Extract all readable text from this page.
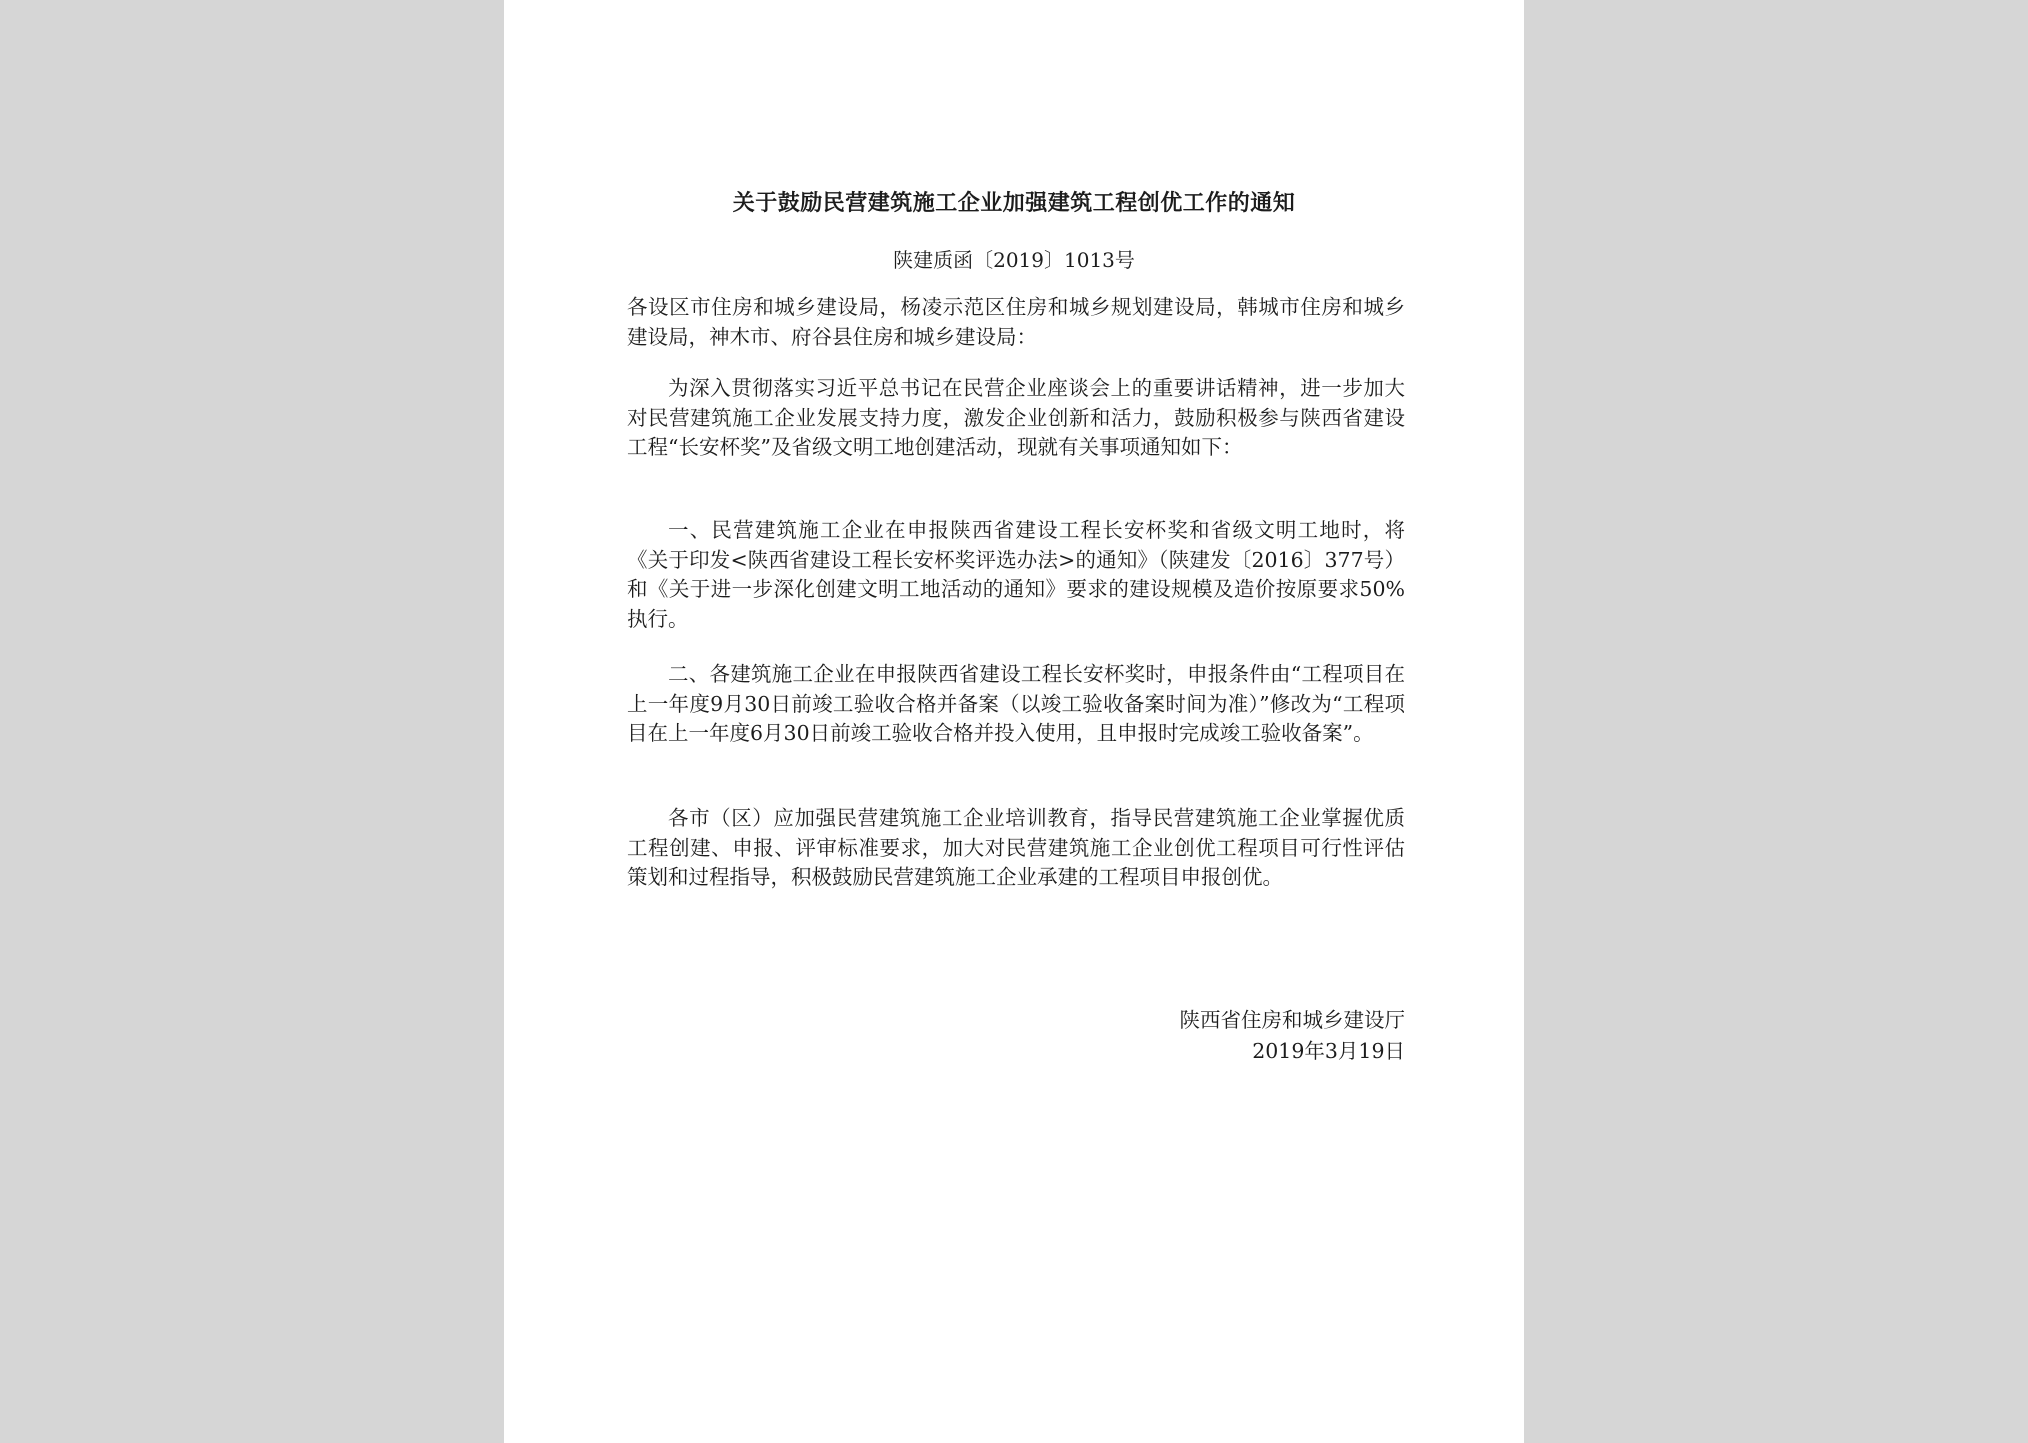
关于鼓励民营建筑施工企业加强建筑工程创优工作的通知

陕建质函〔2019〕1013号

各设区市住房和城乡建设局，杨凌示范区住房和城乡规划建设局，韩城市住房和城乡建设局，神木市、府谷县住房和城乡建设局：

为深入贯彻落实习近平总书记在民营企业座谈会上的重要讲话精神，进一步加大对民营建筑施工企业发展支持力度，激发企业创新和活力，鼓励积极参与陕西省建设工程“长安杯奖”及省级文明工地创建活动，现就有关事项通知如下：

一、民营建筑施工企业在申报陕西省建设工程长安杯奖和省级文明工地时，将《关于印发<陕西省建设工程长安杯奖评选办法>的通知》（陕建发〔2016〕377号）和《关于进一步深化创建文明工地活动的通知》要求的建设规模及造价按原要求50%执行。

二、各建筑施工企业在申报陕西省建设工程长安杯奖时，申报条件由“工程项目在上一年度9月30日前竣工验收合格并备案（以竣工验收备案时间为准）”修改为“工程项目在上一年度6月30日前竣工验收合格并投入使用，且申报时完成竣工验收备案”。

各市（区）应加强民营建筑施工企业培训教育，指导民营建筑施工企业掌握优质工程创建、申报、评审标准要求，加大对民营建筑施工企业创优工程项目可行性评估策划和过程指导，积极鼓励民营建筑施工企业承建的工程项目申报创优。

陕西省住房和城乡建设厅

2019年3月19日
